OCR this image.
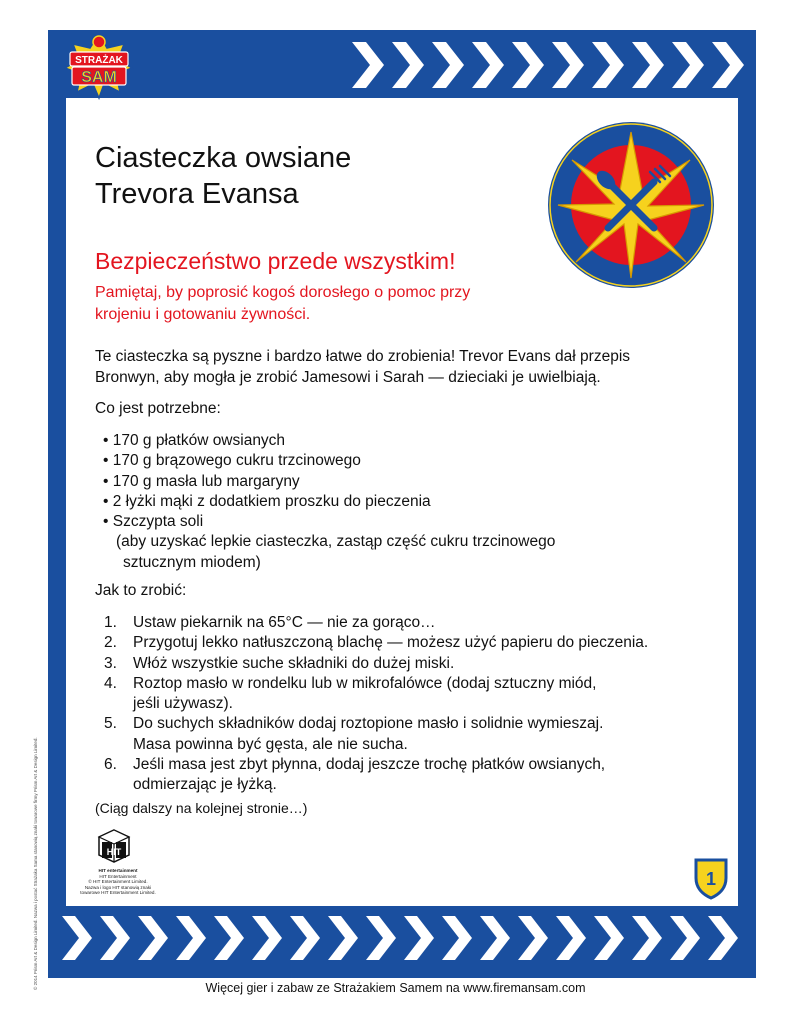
STRAŻAK
SAM
Ciasteczka owsiane
Trevora Evansa
Bezpieczeństwo przede wszystkim!
Pamiętaj, by poprosić kogoś dorosłego o pomoc przy
krojeniu i gotowaniu żywności.
Te ciasteczka są pyszne i bardzo łatwe do zrobienia! Trevor Evans dał przepis
Bronwyn, aby mogła je zrobić Jamesowi i Sarah — dzieciaki je uwielbiają.
Co jest potrzebne:
• 170 g płatków owsianych
• 170 g brązowego cukru trzcinowego
• 170 g masła lub margaryny
• 2 łyżki mąki z dodatkiem proszku do pieczenia
• Szczypta soli
(aby uzyskać lepkie ciasteczka, zastąp część cukru trzcinowego
sztucznym miodem)
Jak to zrobić:
1. Ustaw piekarnik na 65°C — nie za gorąco…
2. Przygotuj lekko natłuszczoną blachę — możesz użyć papieru do pieczenia.
3. Włóż wszystkie suche składniki do dużej miski.
4. Roztop masło w rondelku lub w mikrofalówce (dodaj sztuczny miód,
jeśli używasz).
5. Do suchych składników dodaj roztopione masło i solidnie wymieszaj.
Masa powinna być gęsta, ale nie sucha.
6. Jeśli masa jest zbyt płynna, dodaj jeszcze trochę płatków owsianych,
odmierzając je łyżką.
(Ciąg dalszy na kolejnej stronie…)
HIT
HIT entertainment
HIT Entertainment
© HIT Entertainment Limited.
Nazwa i logo HIT stanowią znaki
towarowe HIT Entertainment Limited.
1
© 2014 Prism Art & Design Limited. Nazwa i postać Strażaka Sama stanowią znaki towarowe firmy Prism Art & Design Limited.	Więcej gier i zabaw ze Strażakiem Samem na www.firemansam.com
